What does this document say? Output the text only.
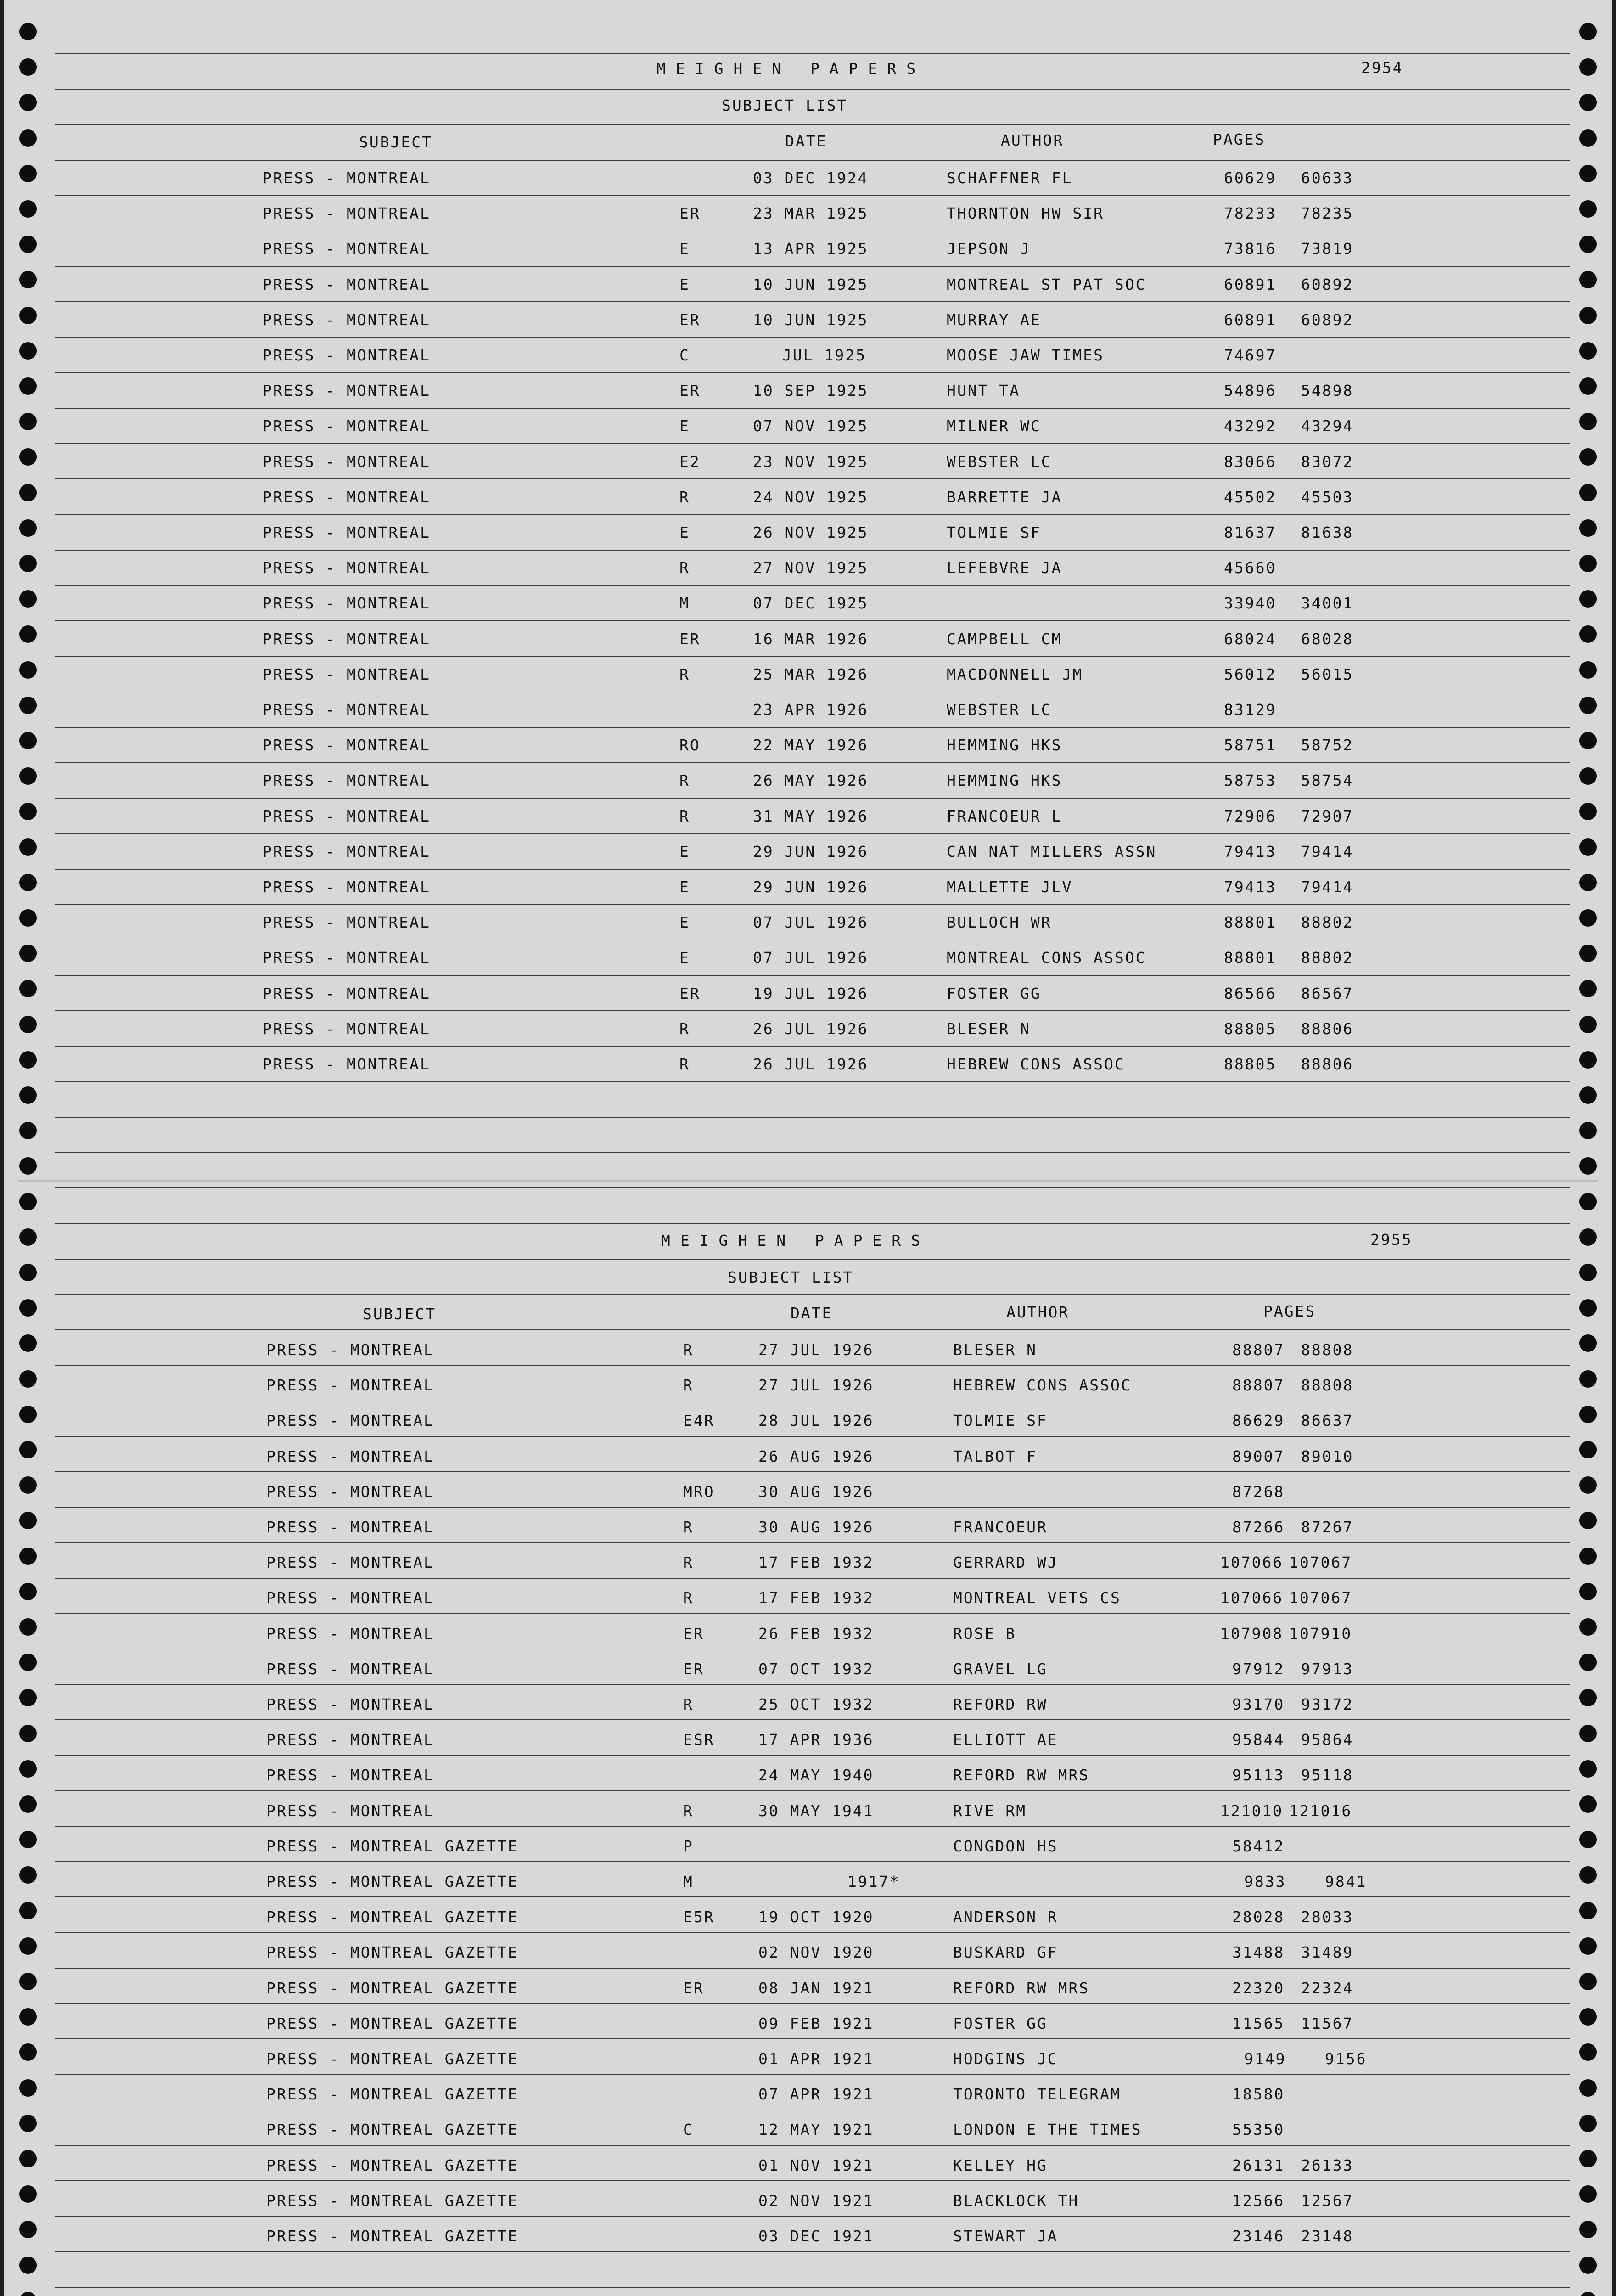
MEIGHEN PAPERS	2954
SUBJECT LIST
SUBJECT	DATE	AUTHOR	PAGES
PRESS - MONTREAL	03 DEC 1924	SCHAFFNER FL	60629 60633
PRESS - MONTREAL	ER	23 MAR 1925	THORNTON HW SIR	78233 78235
PRESS - MONTREAL	E	13 APR 1925	JEPSON J	73816 73819
PRESS - MONTREAL	E	10 JUN 1925	MONTREAL ST PAT SOC	60891 60892
PRESS - MONTREAL	ER	10 JUN 1925	MURRAY AE	60891 60892
PRESS - MONTREAL	C	JUL 1925	MOOSE JAW TIMES	74697
PRESS - MONTREAL	ER	10 SEP 1925	HUNT TA	54896 54898
PRESS - MONTREAL	E	07 NOV 1925	MILNER WC	43292 43294
PRESS - MONTREAL	E2	23 NOV 1925	WEBSTER LC	83066 83072
PRESS - MONTREAL	R	24 NOV 1925	BARRETTE JA	45502 45503
PRESS - MONTREAL	E	26 NOV 1925	TOLMIE SF	81637 81638
PRESS - MONTREAL	R	27 NOV 1925	LEFEBVRE JA	45660
PRESS - MONTREAL	M	07 DEC 1925	33940 34001
PRESS - MONTREAL	ER	16 MAR 1926	CAMPBELL CM	68024 68028
PRESS - MONTREAL	R	25 MAR 1926	MACDONNELL JM	56012 56015
PRESS - MONTREAL	23 APR 1926	WEBSTER LC	83129
PRESS - MONTREAL	RO	22 MAY 1926	HEMMING HKS	58751 58752
PRESS - MONTREAL	R	26 MAY 1926	HEMMING HKS	58753 58754
PRESS - MONTREAL	R	31 MAY 1926	FRANCOEUR L	72906 72907
PRESS - MONTREAL	E	29 JUN 1926	CAN NAT MILLERS ASSN	79413 79414
PRESS - MONTREAL	E	29 JUN 1926	MALLETTE JLV	79413 79414
PRESS - MONTREAL	E	07 JUL 1926	BULLOCH WR	88801 88802
PRESS - MONTREAL	E	07 JUL 1926	MONTREAL CONS ASSOC	88801 88802
PRESS - MONTREAL	ER	19 JUL 1926	FOSTER GG	86566 86567
PRESS - MONTREAL	R	26 JUL 1926	BLESER N	88805 88806
PRESS - MONTREAL	R	26 JUL 1926	HEBREW CONS ASSOC	88805 88806
MEIGHEN PAPERS	2955
SUBJECT LIST
SUBJECT	DATE	AUTHOR	PAGES
PRESS - MONTREAL	R	27 JUL 1926	BLESER N	88807 88808
PRESS - MONTREAL	R	27 JUL 1926	HEBREW CONS ASSOC	88807 88808
PRESS - MONTREAL	E4R	28 JUL 1926	TOLMIE SF	86629 86637
PRESS - MONTREAL	26 AUG 1926	TALBOT F	89007 89010
PRESS - MONTREAL	MRO	30 AUG 1926	87268
PRESS - MONTREAL	R	30 AUG 1926	FRANCOEUR	87266 87267
PRESS - MONTREAL	R	17 FEB 1932	GERRARD WJ	107066 107067
PRESS - MONTREAL	R	17 FEB 1932	MONTREAL VETS CS	107066 107067
PRESS - MONTREAL	ER	26 FEB 1932	ROSE B	107908 107910
PRESS - MONTREAL	ER	07 OCT 1932	GRAVEL LG	97912 97913
PRESS - MONTREAL	R	25 OCT 1932	REFORD RW	93170 93172
PRESS - MONTREAL	ESR	17 APR 1936	ELLIOTT AE	95844 95864
PRESS - MONTREAL	24 MAY 1940	REFORD RW MRS	95113 95118
PRESS - MONTREAL	R	30 MAY 1941	RIVE RM	121010 121016
PRESS - MONTREAL GAZETTE	P	CONGDON HS	58412
PRESS - MONTREAL GAZETTE	M	1917*	9833	9841
PRESS - MONTREAL GAZETTE	E5R	19 OCT 1920	ANDERSON R	28028 28033
PRESS - MONTREAL GAZETTE	02 NOV 1920	BUSKARD GF	31488 31489
PRESS - MONTREAL GAZETTE	ER	08 JAN 1921	REFORD RW MRS	22320 22324
PRESS - MONTREAL GAZETTE	09 FEB 1921	FOSTER GG	11565 11567
PRESS - MONTREAL GAZETTE	01 APR 1921	HODGINS JC	9149	9156
PRESS - MONTREAL GAZETTE	07 APR 1921	TORONTO TELEGRAM	18580
PRESS - MONTREAL GAZETTE	C	12 MAY 1921	LONDON E THE TIMES	55350
PRESS - MONTREAL GAZETTE	01 NOV 1921	KELLEY HG	26131 26133
PRESS - MONTREAL GAZETTE	02 NOV 1921	BLACKLOCK TH	12566 12567
PRESS - MONTREAL GAZETTE	03 DEC 1921	STEWART JA	23146 23148
